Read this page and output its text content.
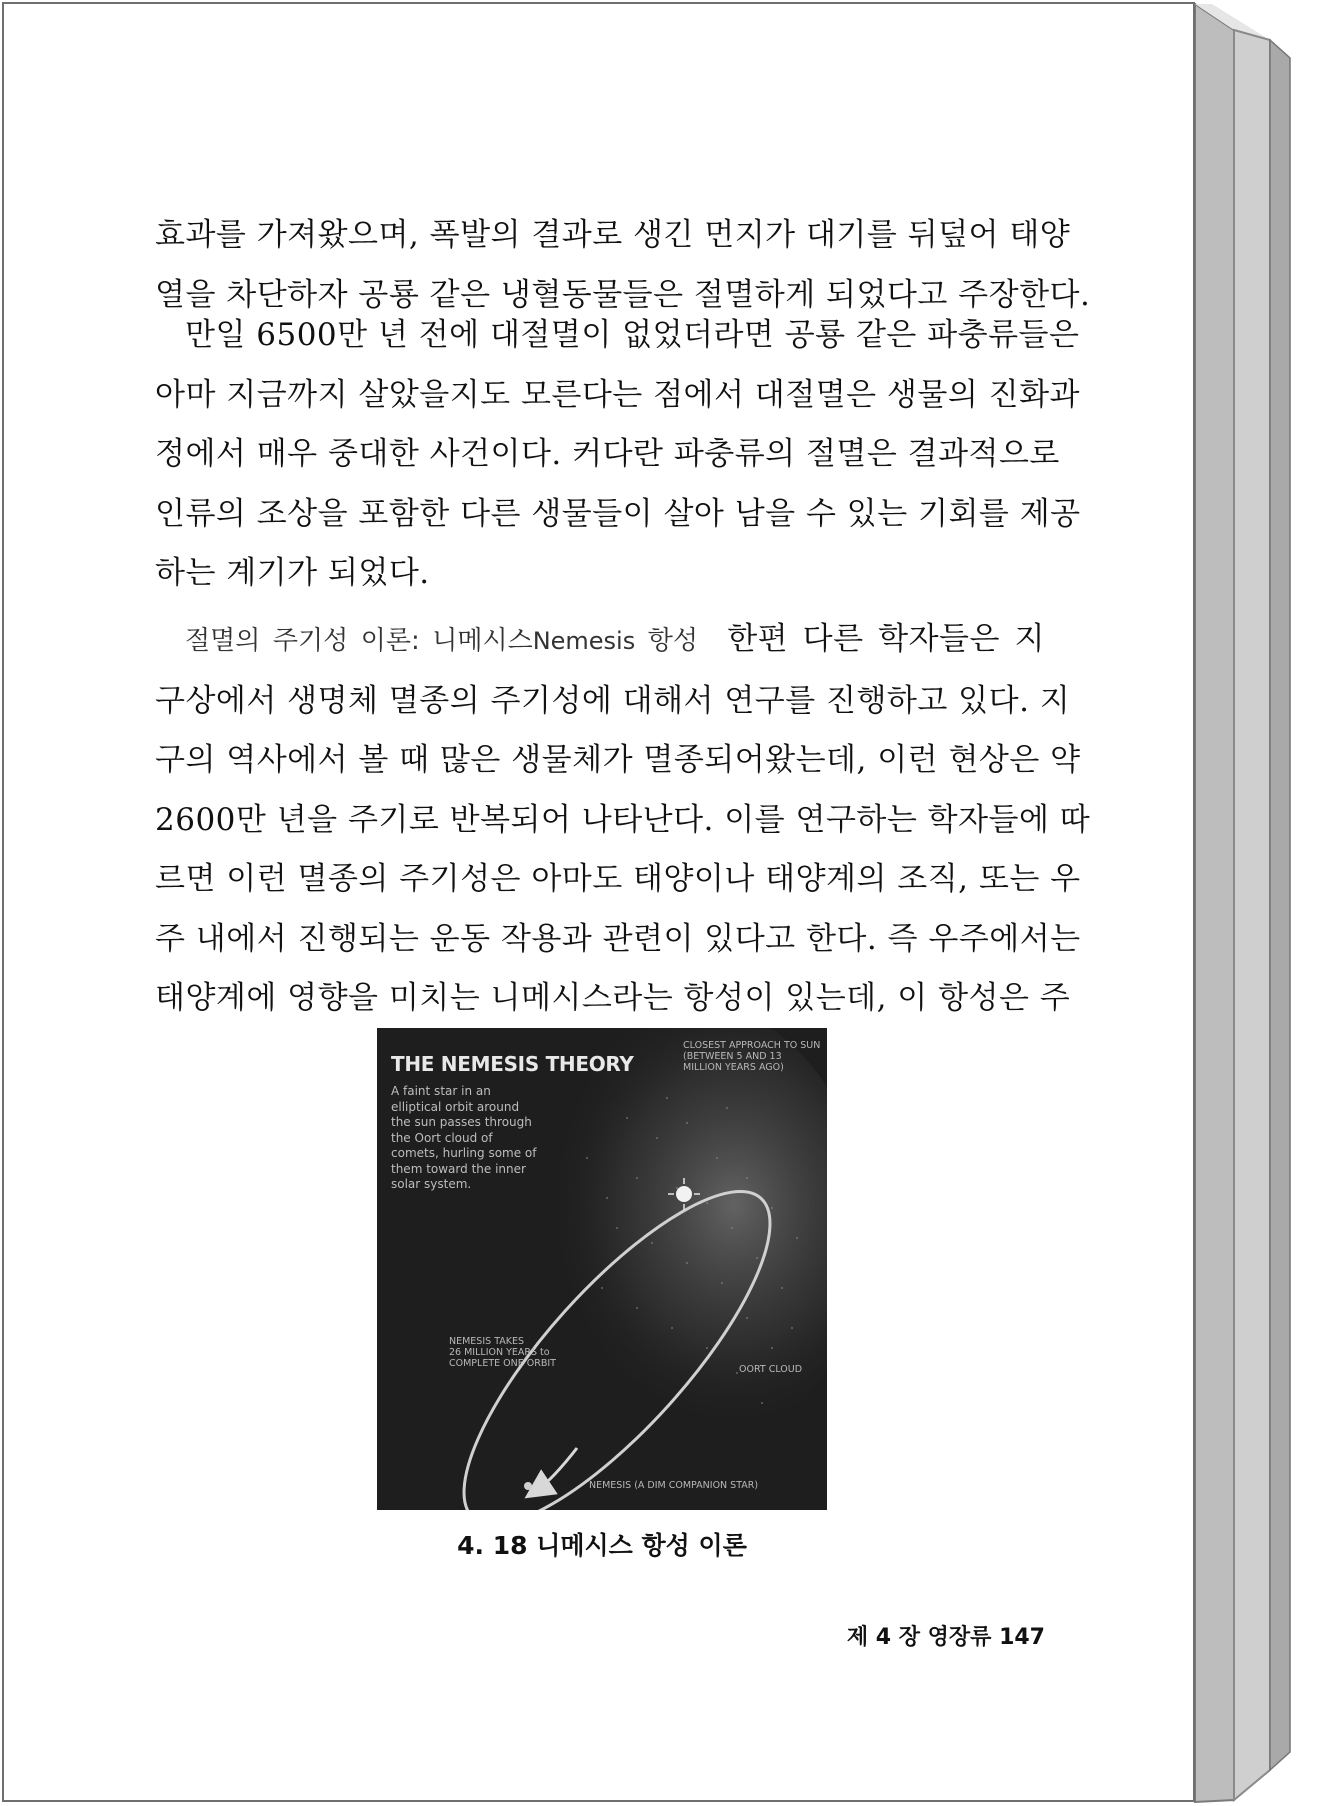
효과를 가져왔으며, 폭발의 결과로 생긴 먼지가 대기를 뒤덮어 태양
열을 차단하자 공룡 같은 냉혈동물들은 절멸하게 되었다고 주장한다.
만일 6500만 년 전에 대절멸이 없었더라면 공룡 같은 파충류들은
아마 지금까지 살았을지도 모른다는 점에서 대절멸은 생물의 진화과
정에서 매우 중대한 사건이다. 커다란 파충류의 절멸은 결과적으로
인류의 조상을 포함한 다른 생물들이 살아 남을 수 있는 기회를 제공
하는 계기가 되었다.
절멸의 주기성 이론: 니메시스Nemesis 항성 한편 다른 학자들은 지
구상에서 생명체 멸종의 주기성에 대해서 연구를 진행하고 있다. 지
구의 역사에서 볼 때 많은 생물체가 멸종되어왔는데, 이런 현상은 약
2600만 년을 주기로 반복되어 나타난다. 이를 연구하는 학자들에 따
르면 이런 멸종의 주기성은 아마도 태양이나 태양계의 조직, 또는 우
주 내에서 진행되는 운동 작용과 관련이 있다고 한다. 즉 우주에서는
태양계에 영향을 미치는 니메시스라는 항성이 있는데, 이 항성은 주
THE NEMESIS THEORY
A faint star in an
elliptical orbit around
the sun passes through
the Oort cloud of
comets, hurling some of
them toward the inner
solar system.
CLOSEST APPROACH TO SUN
(BETWEEN 5 AND 13
MILLION YEARS AGO)
NEMESIS TAKES
26 MILLION YEARS to
COMPLETE ONE ORBIT
OORT CLOUD
NEMESIS (A DIM COMPANION STAR)
4. 18 니메시스 항성 이론
제 4 장 영장류 147
